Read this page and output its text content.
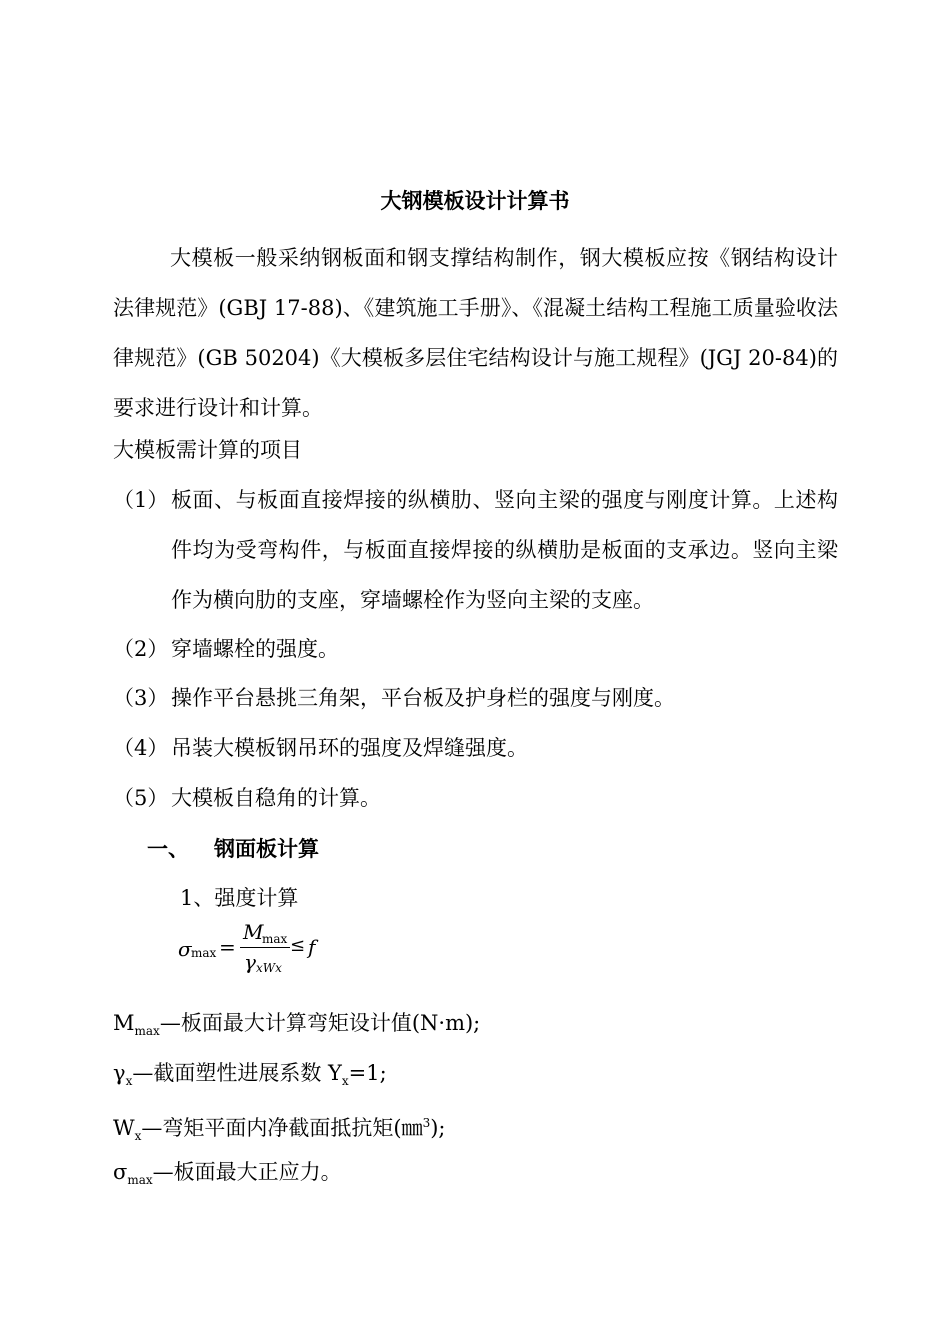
大钢模板设计计算书

大模板一般采纳钢板面和钢支撑结构制作，钢大模板应按《钢结构设计法律规范》(GBJ 17-88)、《建筑施工手册》、《混凝土结构工程施工质量验收法律规范》(GB 50204)《大模板多层住宅结构设计与施工规程》(JGJ 20-84)的要求进行设计和计算。

大模板需计算的项目
（1） 板面、与板面直接焊接的纵横肋、竖向主梁的强度与刚度计算。上述构件均为受弯构件，与板面直接焊接的纵横肋是板面的支承边。竖向主梁作为横向肋的支座，穿墙螺栓作为竖向主梁的支座。
（2） 穿墙螺栓的强度。
（3） 操作平台悬挑三角架，平台板及护身栏的强度与刚度。
（4） 吊装大模板钢吊环的强度及焊缝强度。
（5） 大模板自稳角的计算。
一、 钢面板计算
1、强度计算
σ max =
M
max
γ xWx
≤ f
$M_{max}—$板面最大计算弯矩设计值(N·m);
$\gamma_x—$截面塑性进展系数 $Y_x=1$;
$W_x—$弯矩平面内净截面抵抗矩(㎜$^3$);
$\sigma_{max}—$板面最大正应力。
